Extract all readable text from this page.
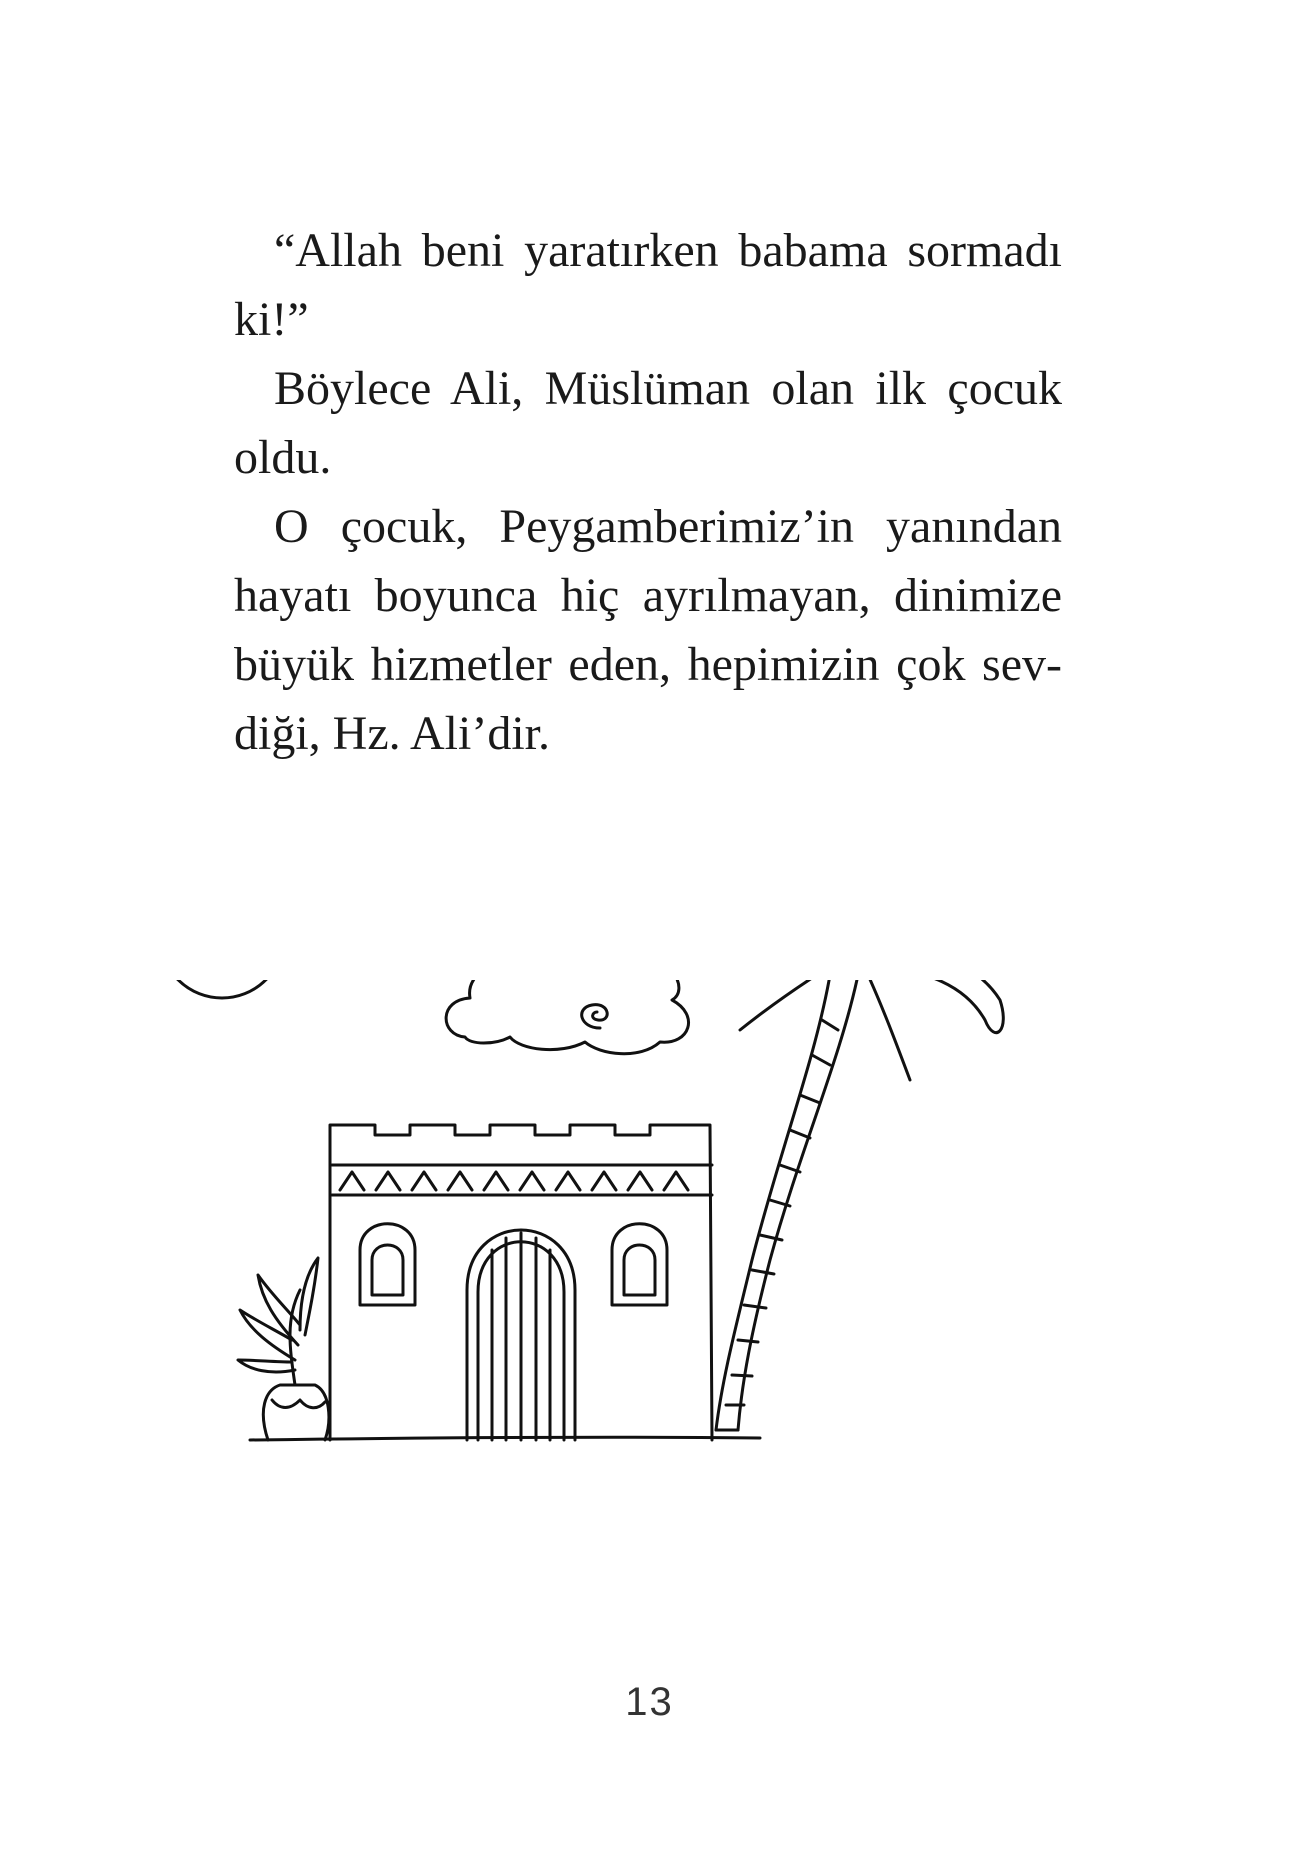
“Allah beni yaratırken babama sormadı ki!”

Böylece Ali, Müslüman olan ilk çocuk oldu.

O çocuk, Peygamberimiz’in yanından hayatı boyunca hiç ayrılmayan, dinimize büyük hizmetler eden, hepimizin çok sev-diği, Hz. Ali’dir.

13
